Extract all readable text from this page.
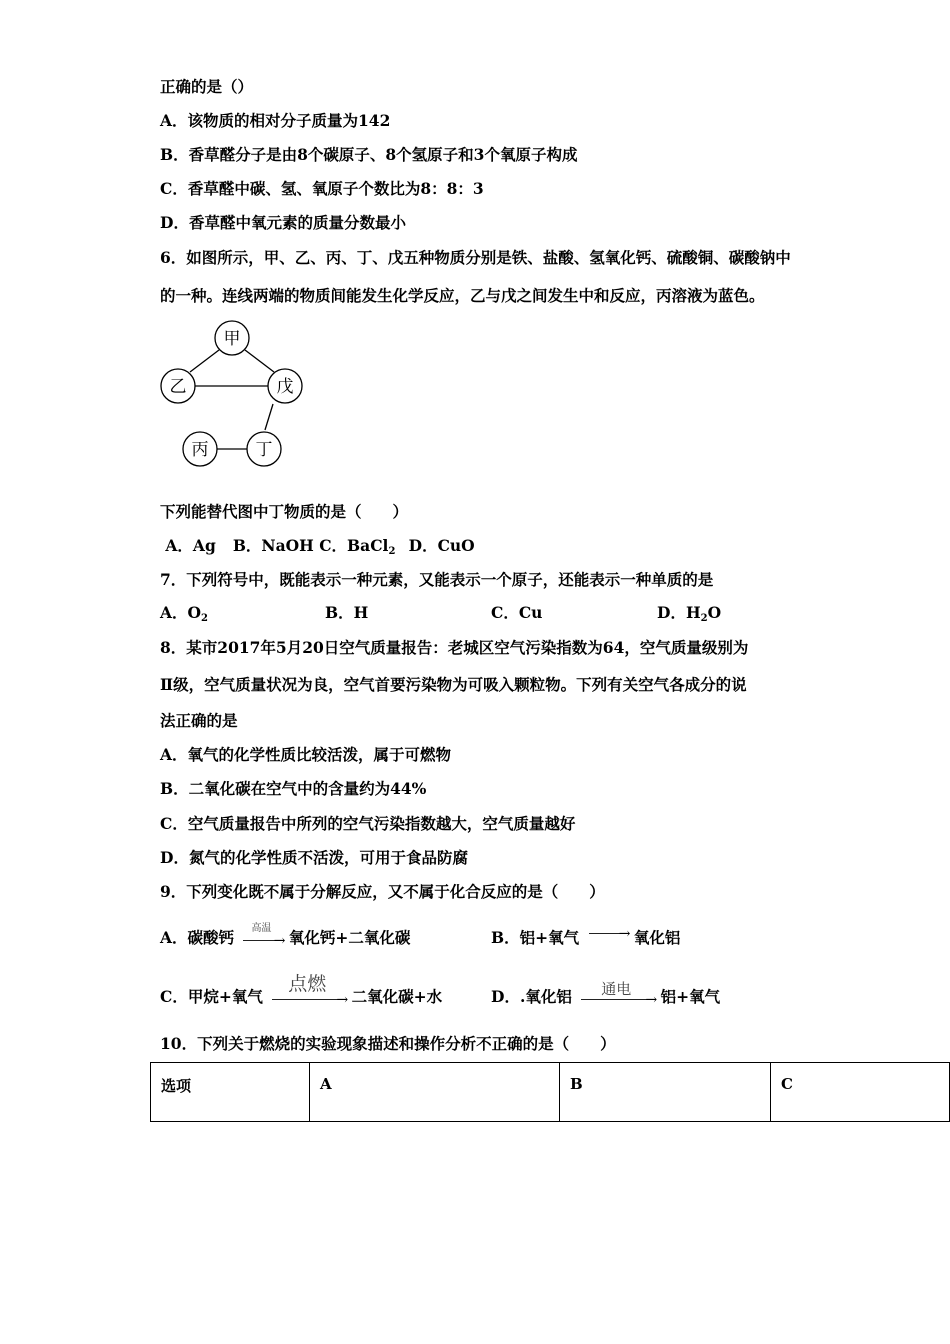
正确的是（）
A．该物质的相对分子质量为142
B．香草醛分子是由8个碳原子、8个氢原子和3个氧原子构成
C．香草醛中碳、氢、氧原子个数比为8：8：3
D．香草醛中氧元素的质量分数最小
6．如图所示，甲、乙、丙、丁、戊五种物质分别是铁、盐酸、氢氧化钙、硫酸铜、碳酸钠中
的一种。连线两端的物质间能发生化学反应，乙与戊之间发生中和反应，丙溶液为蓝色。
甲
乙	戊
丙	丁
下列能替代图中丁物质的是（　　）
A．Ag B．NaOH C．BaCl2 D．CuO
7．下列符号中，既能表示一种元素，又能表示一个原子，还能表示一种单质的是
A．$O_2$	B．H	C．Cu	D．$H_2O$
8．某市2017年5月20日空气质量报告：老城区空气污染指数为64，空气质量级别为
Ⅱ级，空气质量状况为良，空气首要污染物为可吸入颗粒物。下列有关空气各成分的说
法正确的是
A．氧气的化学性质比较活泼，属于可燃物
B．二氧化碳在空气中的含量约为44%
C．空气质量报告中所列的空气污染指数越大，空气质量越好
D．氮气的化学性质不活泼，可用于食品防腐
9．下列变化既不属于分解反应，又不属于化合反应的是（　　）
A．碳酸钙	高温
→ 氧化钙+二氧化碳	B．铝+氧气	→ 氧化铝
C．甲烷+氧气
点燃
→ 二氧化碳+水	D．.氧化铝	通电
→ 铝+氧气
10．下列关于燃烧的实验现象描述和操作分析不正确的是（　　）
选项	A	B	C
